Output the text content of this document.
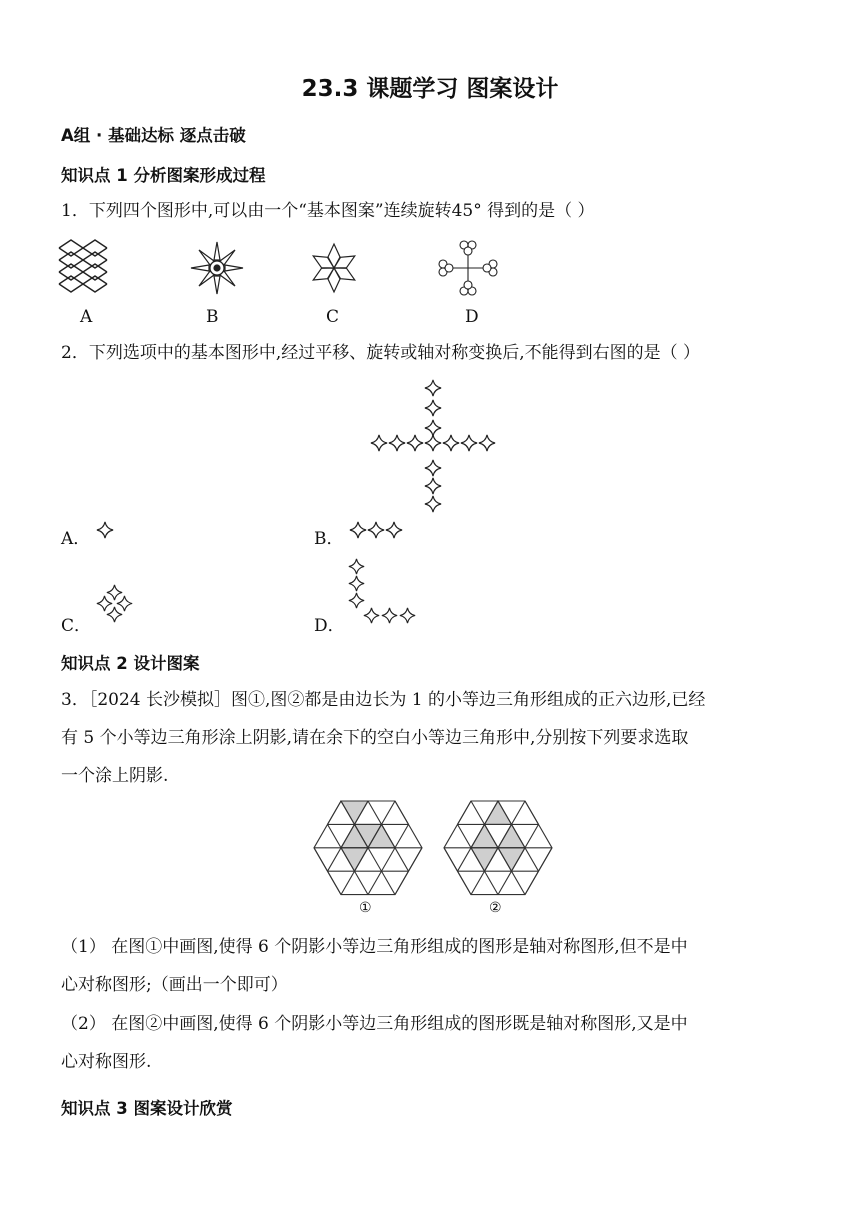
23.3 课题学习 图案设计
A组 · 基础达标 逐点击破
知识点 1 分析图案形成过程
1．下列四个图形中,可以由一个“基本图案”连续旋转45° 得到的是（ ）
A	B	C	D
2．下列选项中的基本图形中,经过平移、旋转或轴对称变换后,不能得到右图的是（ ）
A．	B．
C．	D．
知识点 2 设计图案
3．［2024 长沙模拟］图①,图②都是由边长为 1 的小等边三角形组成的正六边形,已经
有 5 个小等边三角形涂上阴影,请在余下的空白小等边三角形中,分别按下列要求选取
一个涂上阴影.
①	②
（1） 在图①中画图,使得 6 个阴影小等边三角形组成的图形是轴对称图形,但不是中
心对称图形;（画出一个即可）
（2） 在图②中画图,使得 6 个阴影小等边三角形组成的图形既是轴对称图形,又是中
心对称图形.
知识点 3 图案设计欣赏
